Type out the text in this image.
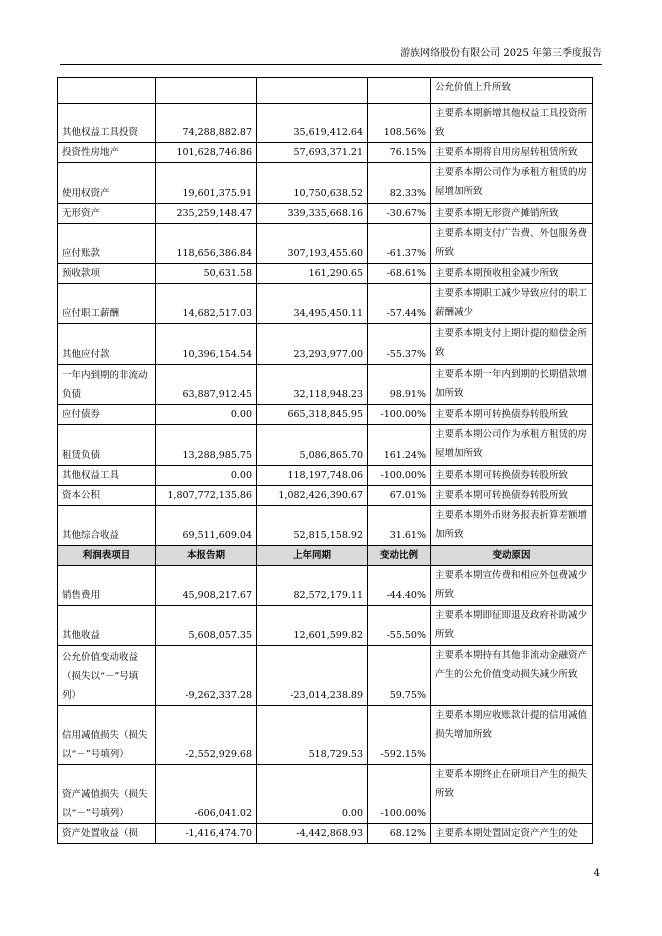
游族网络股份有限公司 2025 年第三季度报告
				公允价值上升所致
其他权益工具投资	74,288,882.87	35,619,412.64	108.56%	主要系本期新增其他权益工具投资所致
投资性房地产	101,628,746.86	57,693,371.21	76.15%	主要系本期将自用房屋转租赁所致
使用权资产	19,601,375.91	10,750,638.52	82.33%	主要系本期公司作为承租方租赁的房屋增加所致
无形资产	235,259,148.47	339,335,668.16	-30.67%	主要系本期无形资产摊销所致
应付账款	118,656,386.84	307,193,455.60	-61.37%	主要系本期支付广告费、外包服务费所致
预收款项	50,631.58	161,290.65	-68.61%	主要系本期预收租金减少所致
应付职工薪酬	14,682,517.03	34,495,450.11	-57.44%	主要系本期职工减少导致应付的职工薪酬减少
其他应付款	10,396,154.54	23,293,977.00	-55.37%	主要系本期支付上期计提的赔偿金所致
一年内到期的非流动负债	63,887,912.45	32,118,948.23	98.91%	主要系本期一年内到期的长期借款增加所致
应付债券	0.00	665,318,845.95	-100.00%	主要系本期可转换债券转股所致
租赁负债	13,288,985.75	5,086,865.70	161.24%	主要系本期公司作为承租方租赁的房屋增加所致
其他权益工具	0.00	118,197,748.06	-100.00%	主要系本期可转换债券转股所致
资本公积	1,807,772,135.86	1,082,426,390.67	67.01%	主要系本期可转换债券转股所致
其他综合收益	69,511,609.04	52,815,158.92	31.61%	主要系本期外币财务报表折算差额增加所致
利润表项目	本报告期	上年同期	变动比例	变动原因
销售费用	45,908,217.67	82,572,179.11	-44.40%	主要系本期宣传费和相应外包费减少所致
其他收益	5,608,057.35	12,601,599.82	-55.50%	主要系本期即征即退及政府补助减少所致
公允价值变动收益（损失以“－”号填列）	-9,262,337.28	-23,014,238.89	59.75%	主要系本期持有其他非流动金融资产产生的公允价值变动损失减少所致
信用减值损失（损失以“－”号填列）	-2,552,929.68	518,729.53	-592.15%	主要系本期应收账款计提的信用减值损失增加所致
资产减值损失（损失以“－”号填列）	-606,041.02	0.00	-100.00%	主要系本期终止在研项目产生的损失所致
资产处置收益（损	-1,416,474.70	-4,442,868.93	68.12%	主要系本期处置固定资产产生的处
4
